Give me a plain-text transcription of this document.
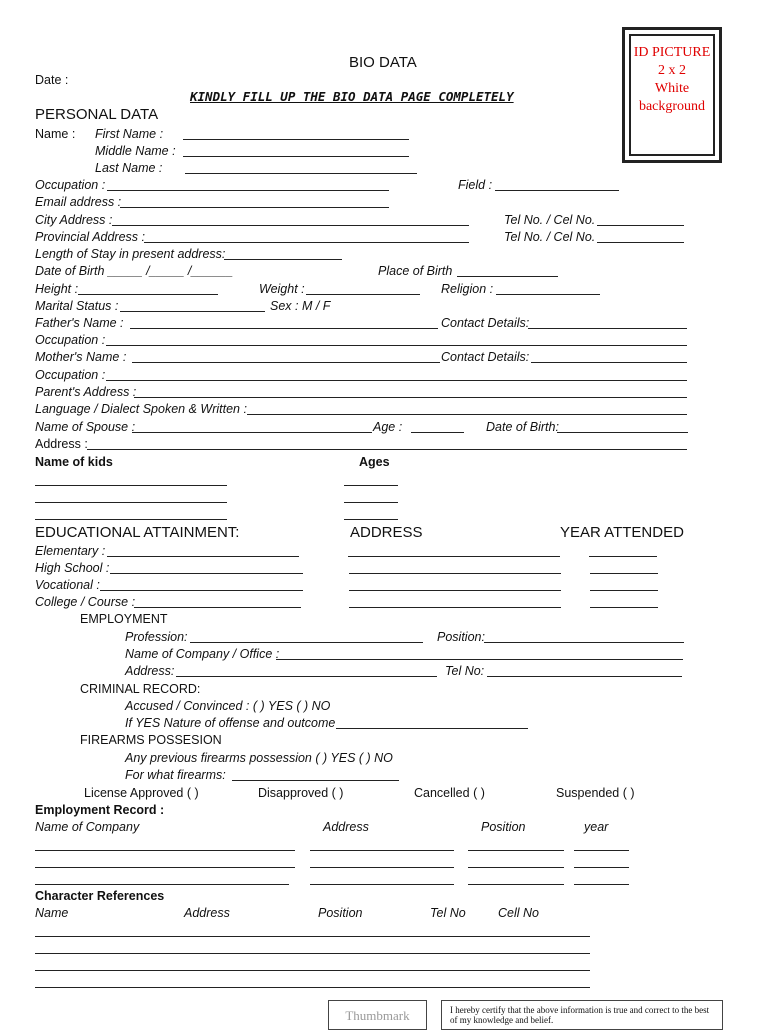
ID PICTURE
2 x 2
White
background
BIO DATA
Date :
KINDLY FILL UP THE BIO DATA PAGE COMPLETELY
PERSONAL DATA
Name : First Name :
Middle Name :
Last Name :
Occupation :	Field :
Email address :
City Address :	Tel No. / Cel No.
Provincial Address :	Tel No. / Cel No.
Length of Stay in present address:
Date of Birth _____ /_____ /______	Place of Birth
Height :	Weight :	Religion :
Marital Status :	Sex : M / F
Father's Name :	Contact Details:
Occupation :
Mother's Name :	Contact Details:
Occupation :
Parent's Address :
Language / Dialect Spoken & Written :
Name of Spouse :	Age :	Date of Birth:
Address :
Name of kids	Ages
EDUCATIONAL ATTAINMENT:	ADDRESS	YEAR ATTENDED
Elementary :
High School :
Vocational :
College / Course :
EMPLOYMENT
Profession:	Position:
Name of Company / Office :
Address:	Tel No:
CRIMINAL RECORD:
Accused / Convinced : ( ) YES ( ) NO
If YES Nature of offense and outcome
FIREARMS POSSESION
Any previous firearms possession ( ) YES ( ) NO
For what firearms:
License Approved ( )	Disapproved ( )	Cancelled ( )	Suspended ( )
Employment Record :
Name of Company	Address	Position	year
Character References
Name	Address	Position	Tel No	Cell No
Thumbmark	I hereby certify that the above information is true and correct to the best of my knowledge and belief.
